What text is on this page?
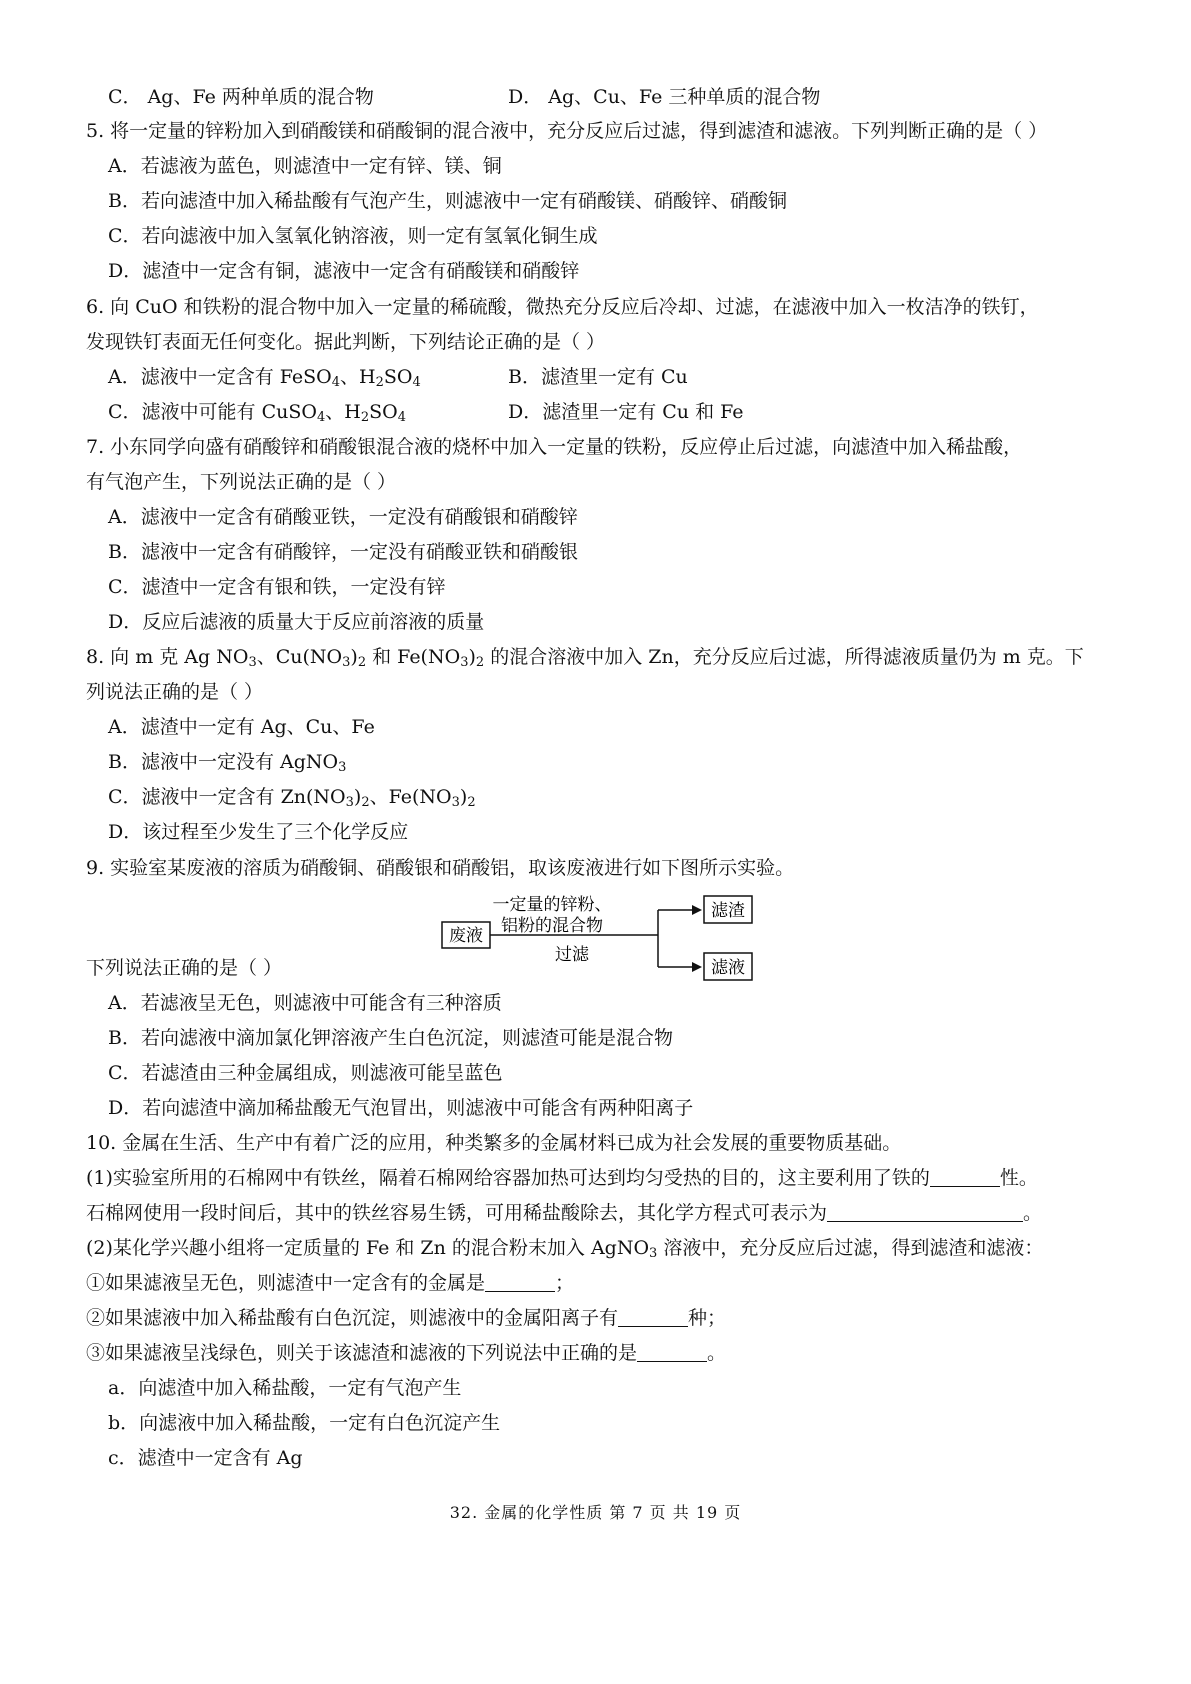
C． Ag、Fe 两种单质的混合物	D． Ag、Cu、Fe 三种单质的混合物
5. 将一定量的锌粉加入到硝酸镁和硝酸铜的混合液中，充分反应后过滤，得到滤渣和滤液。下列判断正确的是（ ）
A．若滤液为蓝色，则滤渣中一定有锌、镁、铜
B．若向滤渣中加入稀盐酸有气泡产生，则滤液中一定有硝酸镁、硝酸锌、硝酸铜
C．若向滤液中加入氢氧化钠溶液，则一定有氢氧化铜生成
D．滤渣中一定含有铜，滤液中一定含有硝酸镁和硝酸锌
6. 向 CuO 和铁粉的混合物中加入一定量的稀硫酸，微热充分反应后冷却、过滤，在滤液中加入一枚洁净的铁钉，
发现铁钉表面无任何变化。据此判断，下列结论正确的是（ ）
A．滤液中一定含有 FeSO$_4$、$H_2SO_4$	B．滤渣里一定有 Cu
C．滤液中可能有 CuSO$_4$、$H_2SO_4$	D．滤渣里一定有 Cu 和 Fe
7. 小东同学向盛有硝酸锌和硝酸银混合液的烧杯中加入一定量的铁粉，反应停止后过滤，向滤渣中加入稀盐酸，
有气泡产生，下列说法正确的是（ ）
A．滤液中一定含有硝酸亚铁，一定没有硝酸银和硝酸锌
B．滤液中一定含有硝酸锌，一定没有硝酸亚铁和硝酸银
C．滤渣中一定含有银和铁，一定没有锌
D．反应后滤液的质量大于反应前溶液的质量
8. 向 m 克 Ag $NO_3$、$Cu(NO_3)_2$ 和 $Fe(NO_3)_2$ 的混合溶液中加入 Zn，充分反应后过滤，所得滤液质量仍为 m 克。下
列说法正确的是（ ）
A．滤渣中一定有 Ag、Cu、Fe
B．滤液中一定没有 AgNO$_3$
C．滤液中一定含有 $Zn(NO_3)_2$、$Fe(NO_3)_2$
D．该过程至少发生了三个化学反应
9. 实验室某废液的溶质为硝酸铜、硝酸银和硝酸铝，取该废液进行如下图所示实验。
废液
一定量的锌粉、
铝粉的混合物
过滤
滤渣
滤液
下列说法正确的是（ ）
A．若滤液呈无色，则滤液中可能含有三种溶质
B．若向滤液中滴加氯化钾溶液产生白色沉淀，则滤渣可能是混合物
C．若滤渣由三种金属组成，则滤液可能呈蓝色
D．若向滤渣中滴加稀盐酸无气泡冒出，则滤液中可能含有两种阳离子
10. 金属在生活、生产中有着广泛的应用，种类繁多的金属材料已成为社会发展的重要物质基础。
(1)实验室所用的石棉网中有铁丝，隔着石棉网给容器加热可达到均匀受热的目的，这主要利用了铁的	性。
石棉网使用一段时间后，其中的铁丝容易生锈，可用稀盐酸除去，其化学方程式可表示为	。
(2)某化学兴趣小组将一定质量的 Fe 和 Zn 的混合粉末加入 AgNO$_3$ 溶液中，充分反应后过滤，得到滤渣和滤液：
①如果滤液呈无色，则滤渣中一定含有的金属是	；
②如果滤液中加入稀盐酸有白色沉淀，则滤液中的金属阳离子有	种；
③如果滤液呈浅绿色，则关于该滤渣和滤液的下列说法中正确的是	。
a．向滤渣中加入稀盐酸，一定有气泡产生
b．向滤液中加入稀盐酸，一定有白色沉淀产生
c．滤渣中一定含有 Ag
32. 金属的化学性质 第 7 页 共 19 页
